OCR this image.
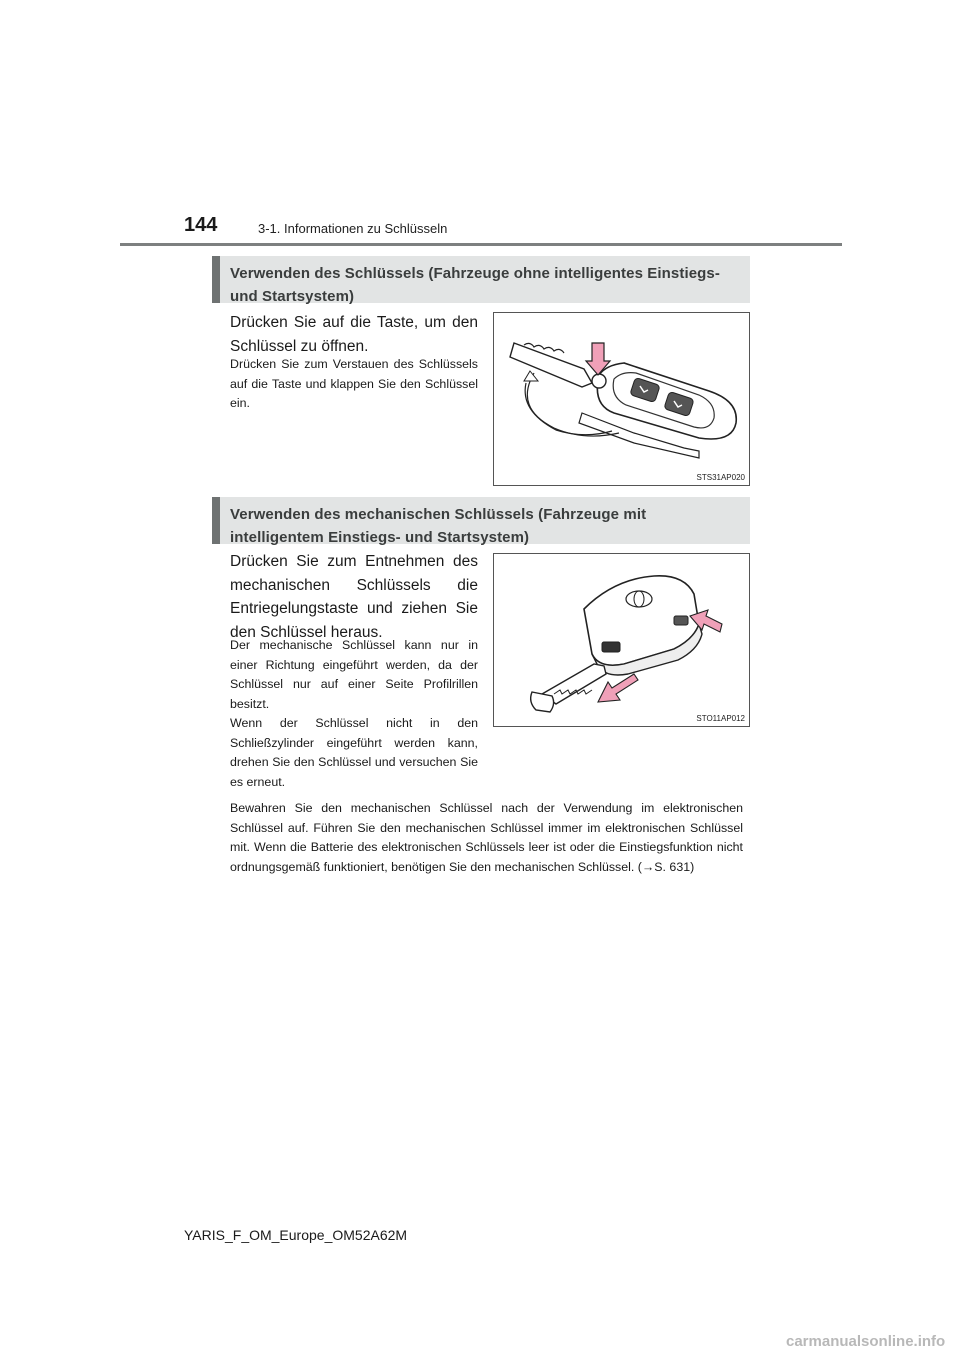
144	3-1. Informationen zu Schlüsseln
Verwenden des Schlüssels (Fahrzeuge ohne intelligentes Einstiegs- und Startsystem)
Drücken Sie auf die Taste, um den Schlüssel zu öffnen.
Drücken Sie zum Verstauen des Schlüssels auf die Taste und klappen Sie den Schlüssel ein.
STS31AP020
Verwenden des mechanischen Schlüssels (Fahrzeuge mit intelligentem Einstiegs- und Startsystem)
Drücken Sie zum Entnehmen des mechanischen Schlüssels die Entriegelungstaste und ziehen Sie den Schlüssel heraus.
Der mechanische Schlüssel kann nur in einer Richtung eingeführt werden, da der Schlüssel nur auf einer Seite Profilrillen besitzt.
Wenn der Schlüssel nicht in den Schließzylinder eingeführt werden kann, drehen Sie den Schlüssel und versuchen Sie es erneut.
STO11AP012
Bewahren Sie den mechanischen Schlüssel nach der Verwendung im elektronischen Schlüssel auf. Führen Sie den mechanischen Schlüssel immer im elektronischen Schlüssel mit. Wenn die Batterie des elektronischen Schlüssels leer ist oder die Einstiegsfunktion nicht ordnungsgemäß funktioniert, benötigen Sie den mechanischen Schlüssel. (→S. 631)
YARIS_F_OM_Europe_OM52A62M
carmanualsonline.info
